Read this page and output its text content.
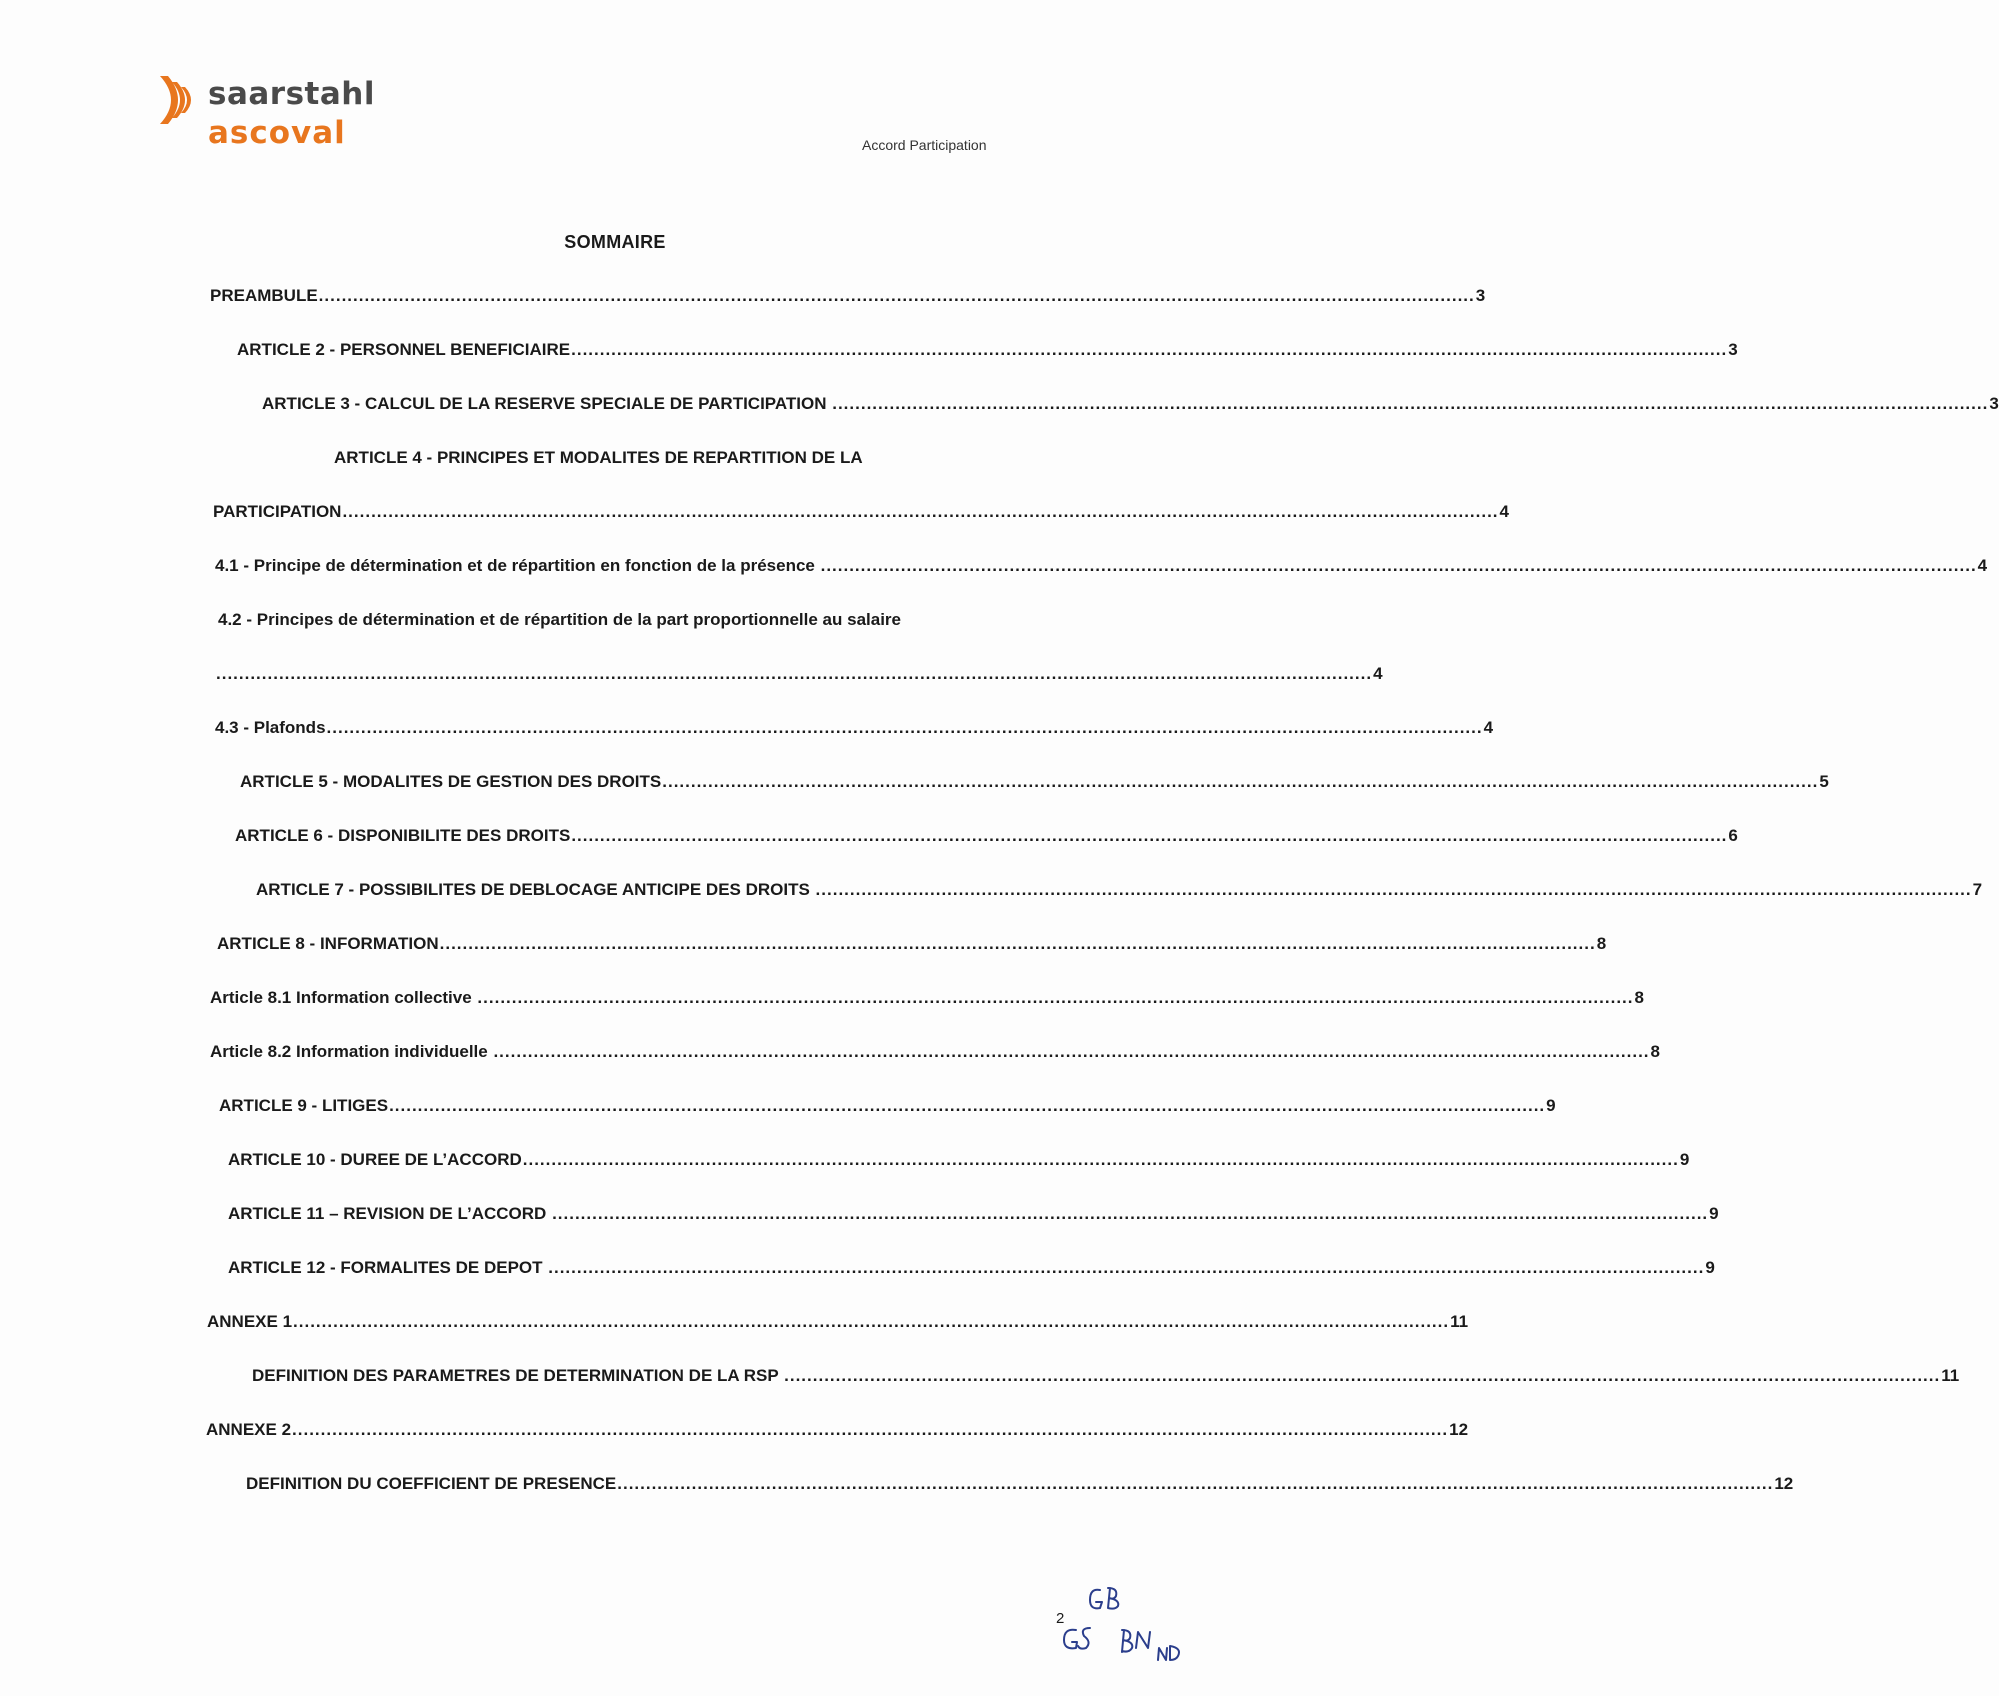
saarstahl
ascoval	Accord Participation
SOMMAIRE
PREAMBULE .......................................................................................................................................................................................................... 3
ARTICLE 2 - PERSONNEL BENEFICIAIRE .......................................................................................................................................................................................................... 3
ARTICLE 3 - CALCUL DE LA RESERVE SPECIALE DE PARTICIPATION .......................................................................................................................................................................................................... 3
ARTICLE 4 - PRINCIPES ET MODALITES DE REPARTITION DE LA
PARTICIPATION .......................................................................................................................................................................................................... 4
4.1 - Principe de détermination et de répartition en fonction de la présence .......................................................................................................................................................................................................... 4
4.2 - Principes de détermination et de répartition de la part proportionnelle au salaire
.......................................................................................................................................................................................................... 4
4.3 - Plafonds .......................................................................................................................................................................................................... 4
ARTICLE 5 - MODALITES DE GESTION DES DROITS .......................................................................................................................................................................................................... 5
ARTICLE 6 - DISPONIBILITE DES DROITS .......................................................................................................................................................................................................... 6
ARTICLE 7 - POSSIBILITES DE DEBLOCAGE ANTICIPE DES DROITS .......................................................................................................................................................................................................... 7
ARTICLE 8 - INFORMATION .......................................................................................................................................................................................................... 8
Article 8.1 Information collective .......................................................................................................................................................................................................... 8
Article 8.2 Information individuelle .......................................................................................................................................................................................................... 8
ARTICLE 9 - LITIGES .......................................................................................................................................................................................................... 9
ARTICLE 10 - DUREE DE L’ACCORD .......................................................................................................................................................................................................... 9
ARTICLE 11 – REVISION DE L’ACCORD .......................................................................................................................................................................................................... 9
ARTICLE 12 - FORMALITES DE DEPOT .......................................................................................................................................................................................................... 9
ANNEXE 1 .......................................................................................................................................................................................................... 11
DEFINITION DES PARAMETRES DE DETERMINATION DE LA RSP .......................................................................................................................................................................................................... 11
ANNEXE 2 .......................................................................................................................................................................................................... 12
DEFINITION DU COEFFICIENT DE PRESENCE .......................................................................................................................................................................................................... 12
2
